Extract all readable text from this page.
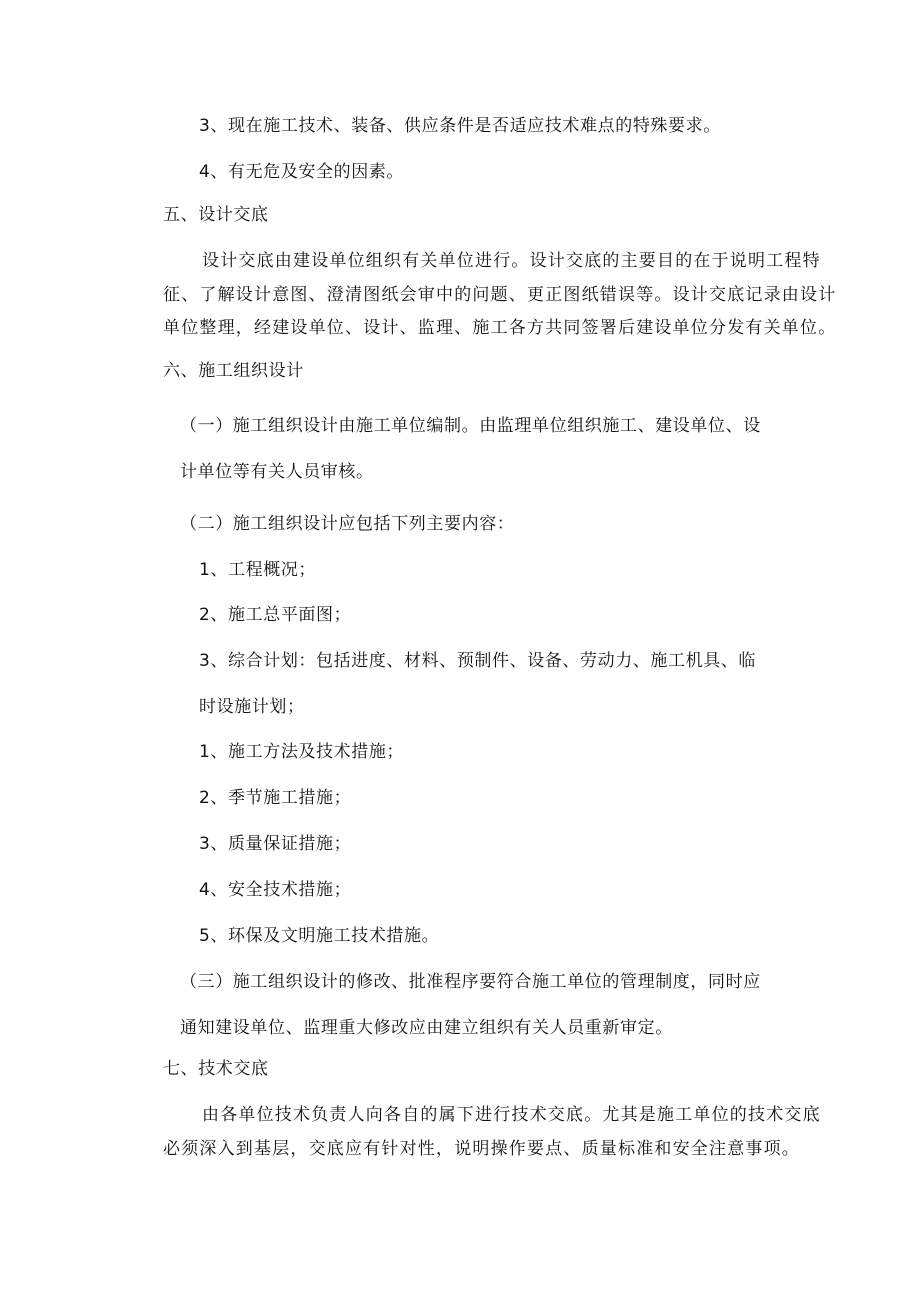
3、现在施工技术、装备、供应条件是否适应技术难点的特殊要求。
4、有无危及安全的因素。
五、设计交底
设计交底由建设单位组织有关单位进行。设计交底的主要目的在于说明工程特
征、了解设计意图、澄清图纸会审中的问题、更正图纸错误等。设计交底记录由设计
单位整理，经建设单位、设计、监理、施工各方共同签署后建设单位分发有关单位。
六、施工组织设计
（一）施工组织设计由施工单位编制。由监理单位组织施工、建设单位、设
计单位等有关人员审核。
（二）施工组织设计应包括下列主要内容：
1、工程概况；
2、施工总平面图；
3、综合计划：包括进度、材料、预制件、设备、劳动力、施工机具、临
时设施计划；
1、施工方法及技术措施；
2、季节施工措施；
3、质量保证措施；
4、安全技术措施；
5、环保及文明施工技术措施。
（三）施工组织设计的修改、批准程序要符合施工单位的管理制度，同时应
通知建设单位、监理重大修改应由建立组织有关人员重新审定。
七、技术交底
由各单位技术负责人向各自的属下进行技术交底。尤其是施工单位的技术交底
必须深入到基层，交底应有针对性，说明操作要点、质量标准和安全注意事项。
